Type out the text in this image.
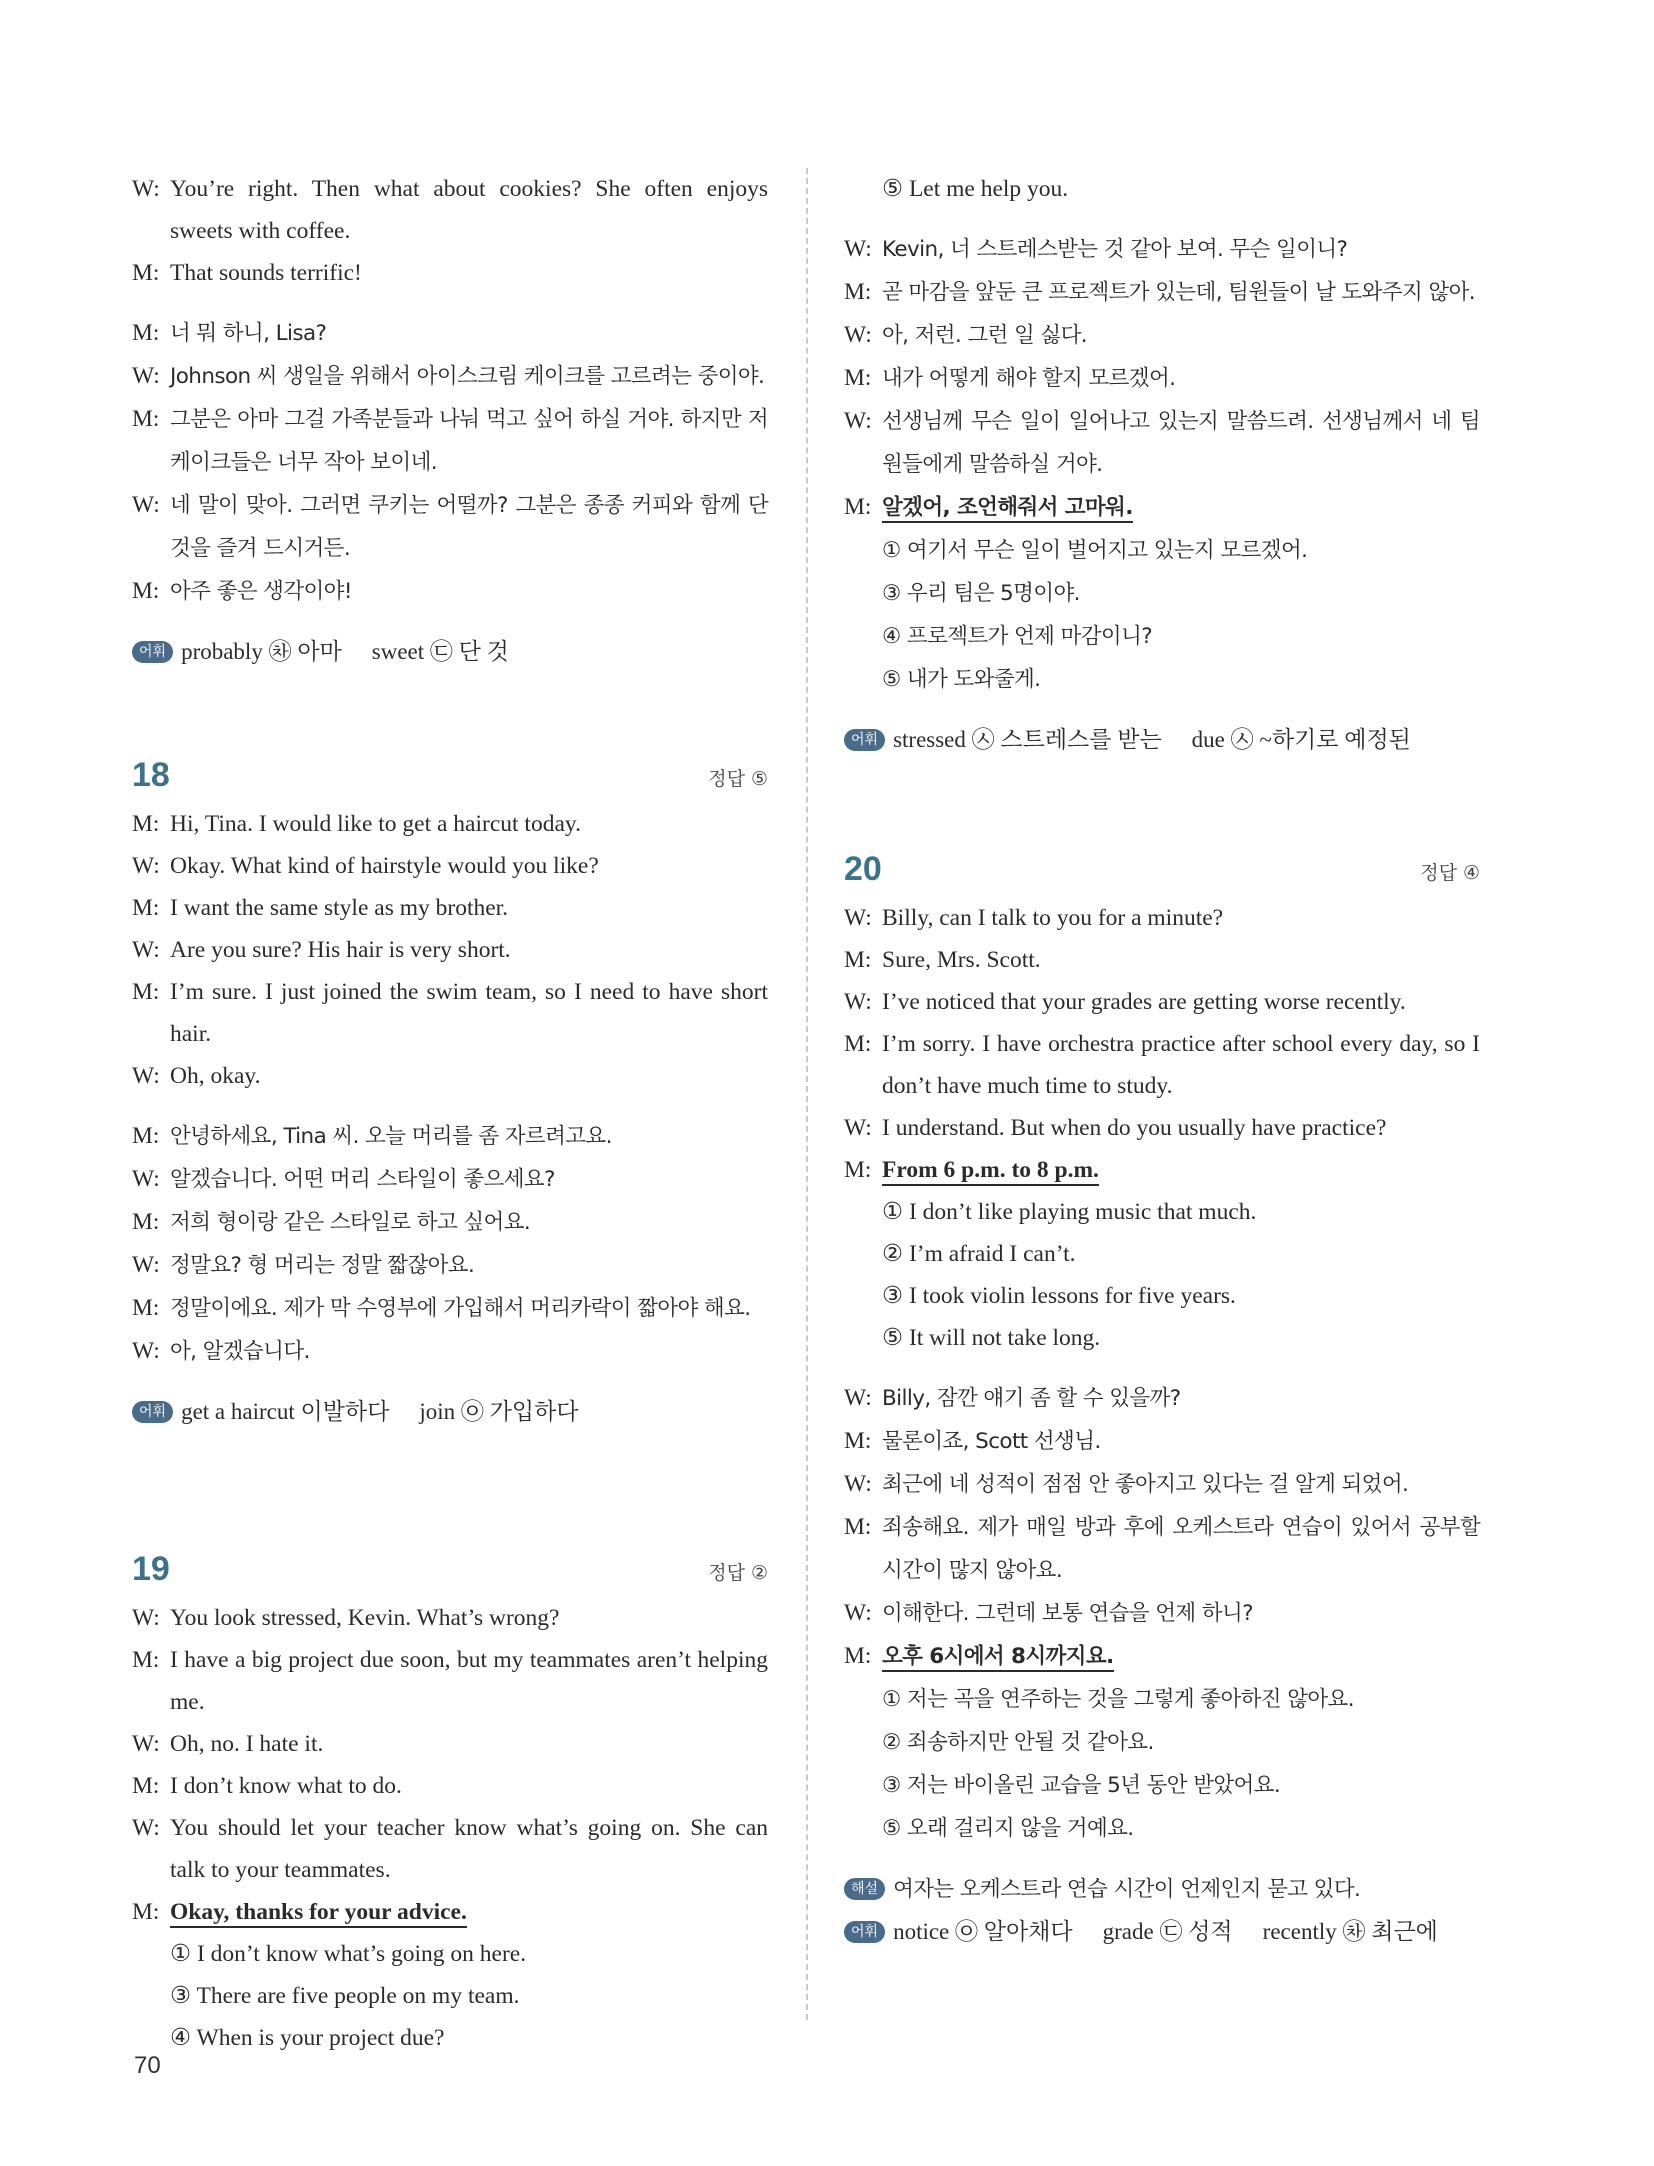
W: You’re right. Then what about cookies? She often enjoys sweets with coffee.
M: That sounds terrific!
M: 너 뭐 하니, Lisa?
W: Johnson 씨 생일을 위해서 아이스크림 케이크를 고르려는 중이야.
M: 그분은 아마 그걸 가족분들과 나눠 먹고 싶어 하실 거야. 하지만 저 케이크들은 너무 작아 보이네.
W: 네 말이 맞아. 그러면 쿠키는 어떨까? 그분은 종종 커피와 함께 단 것을 즐겨 드시거든.
M: 아주 좋은 생각이야!
어휘 probably ㉷ 아마 sweet ㉢ 단 것
18	정답 ⑤
M: Hi, Tina. I would like to get a haircut today.
W: Okay. What kind of hairstyle would you like?
M: I want the same style as my brother.
W: Are you sure? His hair is very short.
M: I’m sure. I just joined the swim team, so I need to have short hair.
W: Oh, okay.
M: 안녕하세요, Tina 씨. 오늘 머리를 좀 자르려고요.
W: 알겠습니다. 어떤 머리 스타일이 좋으세요?
M: 저희 형이랑 같은 스타일로 하고 싶어요.
W: 정말요? 형 머리는 정말 짧잖아요.
M: 정말이에요. 제가 막 수영부에 가입해서 머리카락이 짧아야 해요.
W: 아, 알겠습니다.
어휘 get a haircut 이발하다 join ㉧ 가입하다
19	정답 ②
W: You look stressed, Kevin. What’s wrong?
M: I have a big project due soon, but my teammates aren’t helping me.
W: Oh, no. I hate it.
M: I don’t know what to do.
W: You should let your teacher know what’s going on. She can talk to your teammates.
M: Okay, thanks for your advice.
① I don’t know what’s going on here.
③ There are five people on my team.
④ When is your project due?
⑤ Let me help you.
W: Kevin, 너 스트레스받는 것 같아 보여. 무슨 일이니?
M: 곧 마감을 앞둔 큰 프로젝트가 있는데, 팀원들이 날 도와주지 않아.
W: 아, 저런. 그런 일 싫다.
M: 내가 어떻게 해야 할지 모르겠어.
W: 선생님께 무슨 일이 일어나고 있는지 말씀드려. 선생님께서 네 팀원들에게 말씀하실 거야.
M: 알겠어, 조언해줘서 고마워.
① 여기서 무슨 일이 벌어지고 있는지 모르겠어.
③ 우리 팀은 5명이야.
④ 프로젝트가 언제 마감이니?
⑤ 내가 도와줄게.
어휘 stressed ㉦ 스트레스를 받는 due ㉦ ~하기로 예정된
20	정답 ④
W: Billy, can I talk to you for a minute?
M: Sure, Mrs. Scott.
W: I’ve noticed that your grades are getting worse recently.
M: I’m sorry. I have orchestra practice after school every day, so I don’t have much time to study.
W: I understand. But when do you usually have practice?
M: From 6 p.m. to 8 p.m.
① I don’t like playing music that much.
② I’m afraid I can’t.
③ I took violin lessons for five years.
⑤ It will not take long.
W: Billy, 잠깐 얘기 좀 할 수 있을까?
M: 물론이죠, Scott 선생님.
W: 최근에 네 성적이 점점 안 좋아지고 있다는 걸 알게 되었어.
M: 죄송해요. 제가 매일 방과 후에 오케스트라 연습이 있어서 공부할 시간이 많지 않아요.
W: 이해한다. 그런데 보통 연습을 언제 하니?
M: 오후 6시에서 8시까지요.
① 저는 곡을 연주하는 것을 그렇게 좋아하진 않아요.
② 죄송하지만 안될 것 같아요.
③ 저는 바이올린 교습을 5년 동안 받았어요.
⑤ 오래 걸리지 않을 거예요.
해설 여자는 오케스트라 연습 시간이 언제인지 묻고 있다.
어휘 notice ㉧ 알아채다 grade ㉢ 성적 recently ㉷ 최근에
70
